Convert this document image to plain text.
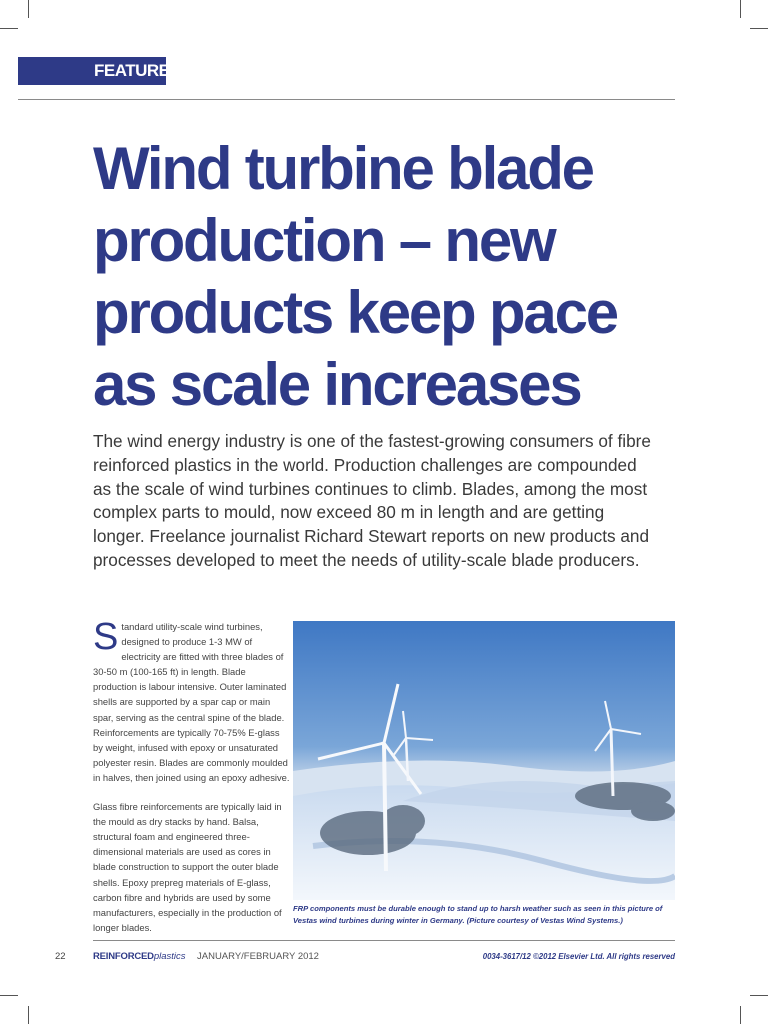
FEATURE
Wind turbine blade production – new products keep pace as scale increases

The wind energy industry is one of the fastest-growing consumers of fibre reinforced plastics in the world. Production challenges are compounded as the scale of wind turbines continues to climb. Blades, among the most complex parts to mould, now exceed 80 m in length and are getting longer. Freelance journalist Richard Stewart reports on new products and processes developed to meet the needs of utility-scale blade producers.

Standard utility-scale wind turbines, designed to produce 1-3 MW of electricity are fitted with three blades of 30-50 m (100-165 ft) in length. Blade production is labour intensive. Outer laminated shells are supported by a spar cap or main spar, serving as the central spine of the blade. Reinforcements are typically 70-75% E-glass by weight, infused with epoxy or unsaturated polyester resin. Blades are commonly moulded in halves, then joined using an epoxy adhesive.

Glass fibre reinforcements are typically laid in the mould as dry stacks by hand. Balsa, structural foam and engineered three-dimensional materials are used as cores in blade construction to support the outer blade shells. Epoxy prepreg materials of E-glass, carbon fibre and hybrids are used by some manufacturers, especially in the production of longer blades.

FRP components must be durable enough to stand up to harsh weather such as seen in this picture of Vestas wind turbines during winter in Germany. (Picture courtesy of Vestas Wind Systems.)

22	REINFORCEDplastics JANUARY/FEBRUARY 2012	0034-3617/12 ©2012 Elsevier Ltd. All rights reserved
